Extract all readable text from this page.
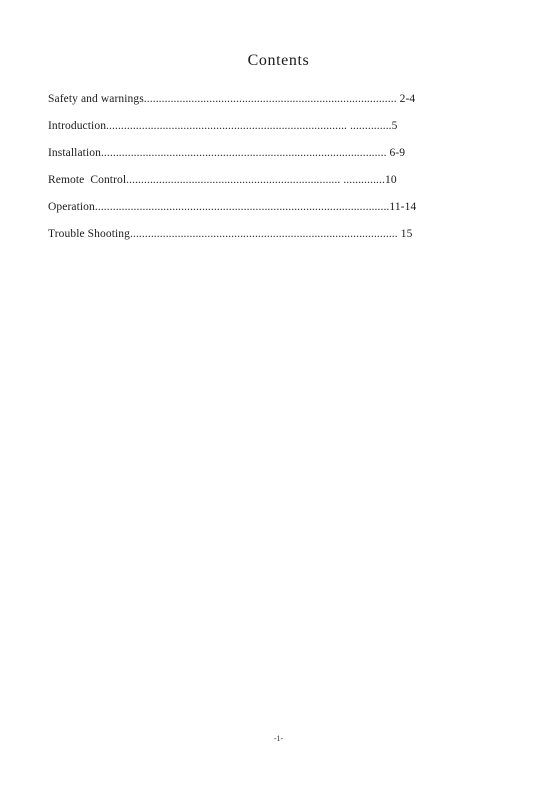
Contents
Safety and warnings..................................................................................... 2-4
Introduction................................................................................. ..............5
Installation................................................................................................ 6-9
Remote  Control........................................................................ ..............10
Operation...................................................................................................11-14
Trouble Shooting.......................................................................................... 15
-1-
